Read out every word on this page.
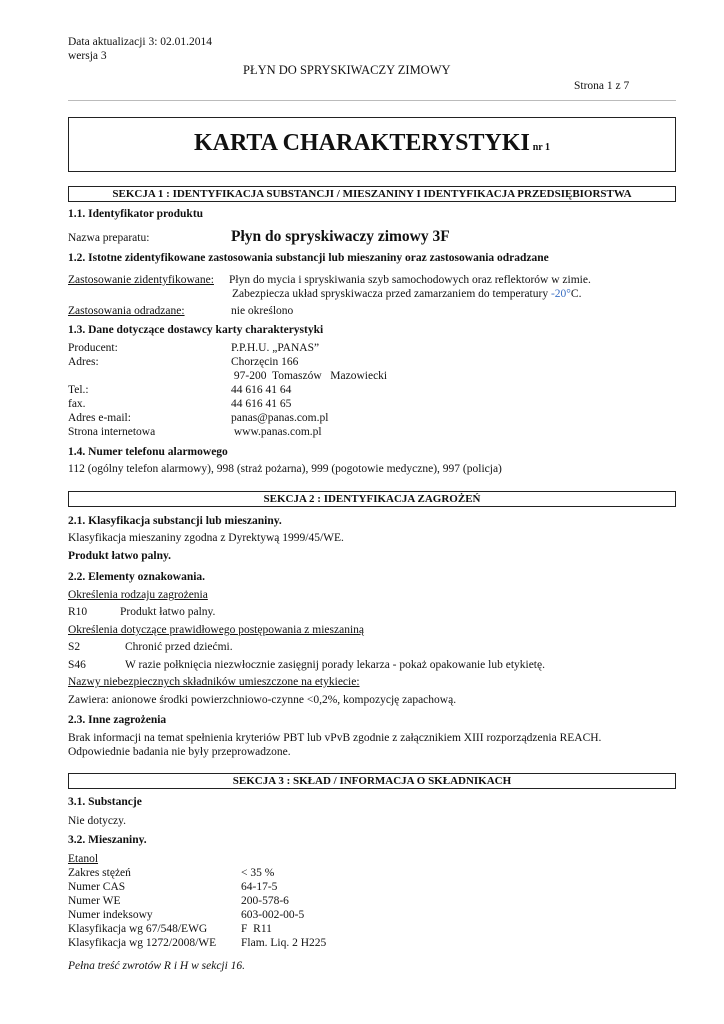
Data aktualizacji 3: 02.01.2014
wersja 3
PŁYN DO SPRYSKIWACZY ZIMOWY
Strona 1 z 7
KARTA CHARAKTERYSTYKI nr 1
SEKCJA 1 : IDENTYFIKACJA SUBSTANCJI / MIESZANINY I IDENTYFIKACJA PRZEDSIĘBIORSTWA
1.1. Identyfikator produktu
Nazwa preparatu:	Płyn do spryskiwaczy zimowy 3F
1.2. Istotne zidentyfikowane zastosowania substancji lub mieszaniny oraz zastosowania odradzane
Zastosowanie zidentyfikowane: Płyn do mycia i spryskiwania szyb samochodowych oraz reflektorów w zimie.
Zabezpiecza układ spryskiwacza przed zamarzaniem do temperatury -20°C.
Zastosowania odradzane:	nie określono
1.3. Dane dotyczące dostawcy karty charakterystyki
Producent:	P.P.H.U. „PANAS”
Adres:	Chorzęcin 166
97-200  Tomaszów   Mazowiecki
Tel.:	44 616 41 64
fax.	44 616 41 65
Adres e-mail:	panas@panas.com.pl
Strona internetowa	www.panas.com.pl
1.4. Numer telefonu alarmowego
112 (ogólny telefon alarmowy), 998 (straż pożarna), 999 (pogotowie medyczne), 997 (policja)
SEKCJA 2 : IDENTYFIKACJA ZAGROŻEŃ
2.1. Klasyfikacja substancji lub mieszaniny.
Klasyfikacja mieszaniny zgodna z Dyrektywą 1999/45/WE.
Produkt łatwo palny.
2.2. Elementy oznakowania.
Określenia rodzaju zagrożenia
R10	Produkt łatwo palny.
Określenia dotyczące prawidłowego postępowania z mieszaniną
S2	Chronić przed dziećmi.
S46	W razie połknięcia niezwłocznie zasięgnij porady lekarza - pokaż opakowanie lub etykietę.
Nazwy niebezpiecznych składników umieszczone na etykiecie:
Zawiera: anionowe środki powierzchniowo-czynne <0,2%, kompozycję zapachową.
2.3. Inne zagrożenia
Brak informacji na temat spełnienia kryteriów PBT lub vPvB zgodnie z załącznikiem XIII rozporządzenia REACH.
Odpowiednie badania nie były przeprowadzone.
SEKCJA 3 : SKŁAD / INFORMACJA O SKŁADNIKACH
3.1. Substancje
Nie dotyczy.
3.2. Mieszaniny.
Etanol
Zakres stężeń	< 35 %
Numer CAS	64-17-5
Numer WE	200-578-6
Numer indeksowy	603-002-00-5
Klasyfikacja wg 67/548/EWG	F  R11
Klasyfikacja wg 1272/2008/WE Flam. Liq. 2 H225
Pełna treść zwrotów R i H w sekcji 16.
